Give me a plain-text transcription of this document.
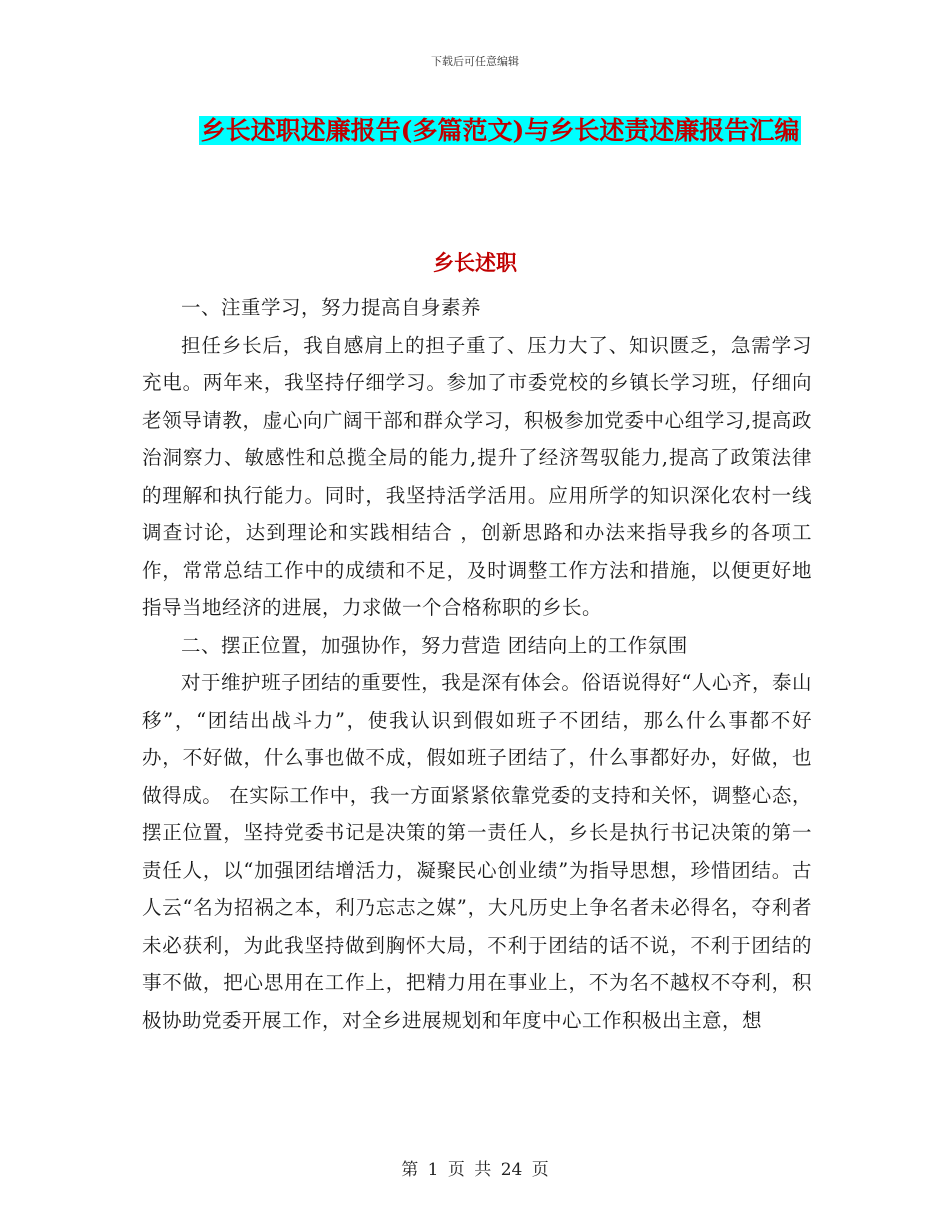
下载后可任意编辑
乡长述职述廉报告(多篇范文)与乡长述责述廉报告汇编
乡长述职

一、注重学习，努力提高自身素养

担任乡长后，我自感肩上的担子重了、压力大了、知识匮乏，急需学习充电。两年来，我坚持仔细学习。参加了市委党校的乡镇长学习班，仔细向老领导请教，虚心向广阔干部和群众学习，积极参加党委中心组学习,提高政治洞察力、敏感性和总揽全局的能力,提升了经济驾驭能力,提高了政策法律的理解和执行能力。同时，我坚持活学活用。应用所学的知识深化农村一线调查讨论，达到理论和实践相结合 ，创新思路和办法来指导我乡的各项工作，常常总结工作中的成绩和不足，及时调整工作方法和措施，以便更好地指导当地经济的进展，力求做一个合格称职的乡长。

二、摆正位置，加强协作，努力营造 团结向上的工作氛围

对于维护班子团结的重要性，我是深有体会。俗语说得好“人心齐，泰山移”，“团结出战斗力”，使我认识到假如班子不团结，那么什么事都不好办，不好做，什么事也做不成，假如班子团结了，什么事都好办，好做，也做得成。 在实际工作中，我一方面紧紧依靠党委的支持和关怀，调整心态，摆正位置，坚持党委书记是决策的第一责任人，乡长是执行书记决策的第一责任人，以“加强团结增活力，凝聚民心创业绩”为指导思想，珍惜团结。古人云“名为招祸之本，利乃忘志之媒”，大凡历史上争名者未必得名，夺利者未必获利，为此我坚持做到胸怀大局，不利于团结的话不说，不利于团结的事不做，把心思用在工作上，把精力用在事业上，不为名不越权不夺利，积极协助党委开展工作，对全乡进展规划和年度中心工作积极出主意，想

第 1 页 共 24 页
